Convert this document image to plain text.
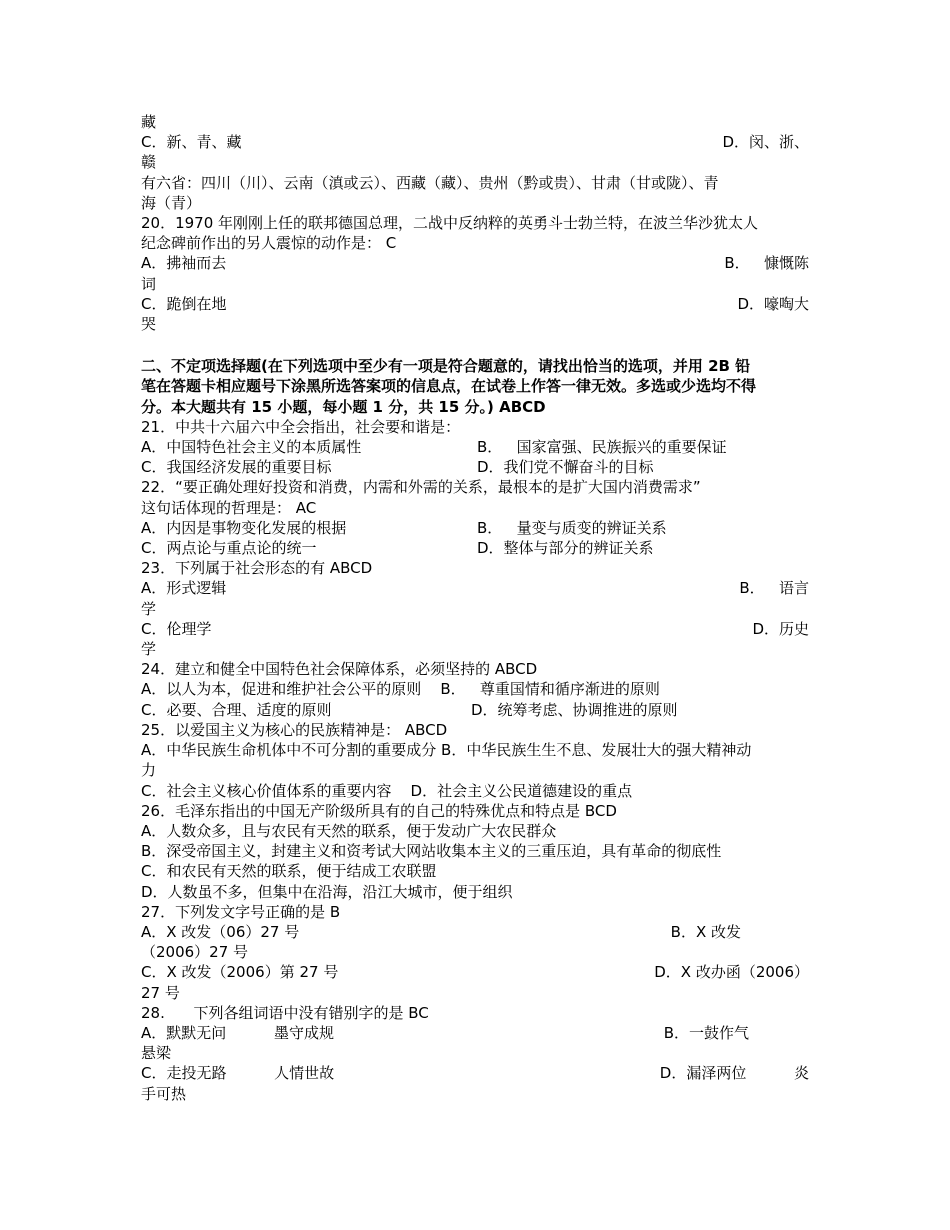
藏
C．新、青、藏	D．闵、浙、
赣
有六省：四川（川）、云南（滇或云）、西藏（藏）、贵州（黔或贵）、甘肃（甘或陇）、青
海（青）
20．1970 年刚刚上任的联邦德国总理，二战中反纳粹的英勇斗士勃兰特，在波兰华沙犹太人
纪念碑前作出的另人震惊的动作是： C
A．拂袖而去	B．   慷慨陈
词
C．跪倒在地	D．嚎啕大
哭
二、不定项选择题(在下列选项中至少有一项是符合题意的，请找出恰当的选项，并用 2B 铅
笔在答题卡相应题号下涂黑所选答案项的信息点，在试卷上作答一律无效。多选或少选均不得
分。本大题共有 15 小题，每小题 1 分，共 15 分。) ABCD
21．中共十六届六中全会指出，社会要和谐是：
A．中国特色社会主义的本质属性	B．   国家富强、民族振兴的重要保证
C．我国经济发展的重要目标	D．我们党不懈奋斗的目标
22．“要正确处理好投资和消费，内需和外需的关系，最根本的是扩大国内消费需求”
这句话体现的哲理是： AC
A．内因是事物变化发展的根据	B．   量变与质变的辨证关系
C．两点论与重点论的统一	D．整体与部分的辨证关系
23．下列属于社会形态的有 ABCD
A．形式逻辑	B．   语言
学
C．伦理学	D．历史
学
24．建立和健全中国特色社会保障体系，必须坚持的 ABCD
A．以人为本，促进和维护社会公平的原则    B．   尊重国情和循序渐进的原则
C．必要、合理、适度的原则	D．统筹考虑、协调推进的原则
25．以爱国主义为核心的民族精神是： ABCD
A．中华民族生命机体中不可分割的重要成分 B．中华民族生生不息、发展壮大的强大精神动
力
C．社会主义核心价值体系的重要内容    D．社会主义公民道德建设的重点
26．毛泽东指出的中国无产阶级所具有的自己的特殊优点和特点是 BCD
A．人数众多，且与农民有天然的联系，便于发动广大农民群众
B．深受帝国主义，封建主义和资考试大网站收集本主义的三重压迫，具有革命的彻底性
C．和农民有天然的联系，便于结成工农联盟
D．人数虽不多，但集中在沿海，沿江大城市，便于组织
27．下列发文字号正确的是 B
A．X 改发（06）27 号	B．X 改发
（2006）27 号
C．X 改发（2006）第 27 号	D．X 改办函（2006）
27 号
28.      下列各组词语中没有错别字的是 BC
A．默默无问          墨守成规	B．一鼓作气
悬梁
C．走投无路          人情世故	D．漏泽两位          炎
手可热
